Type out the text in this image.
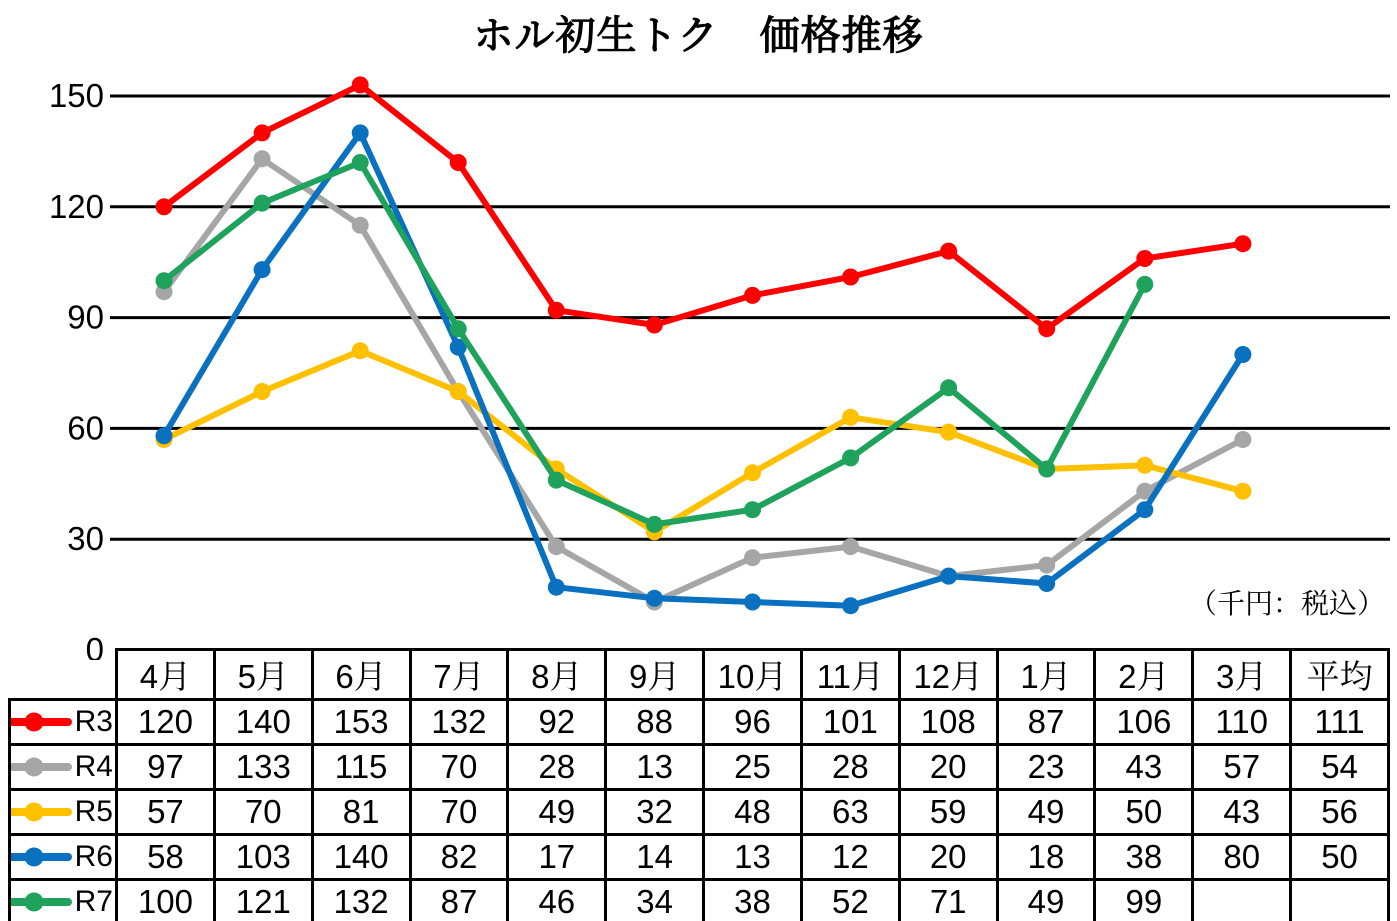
ホル初生トク　価格推移
0
30
60
90
120
150
（千円：税込）
	4月	5月	6月	7月	8月	9月	10月	11月	12月	1月	2月	3月	平均

R3	120	140	153	132	92	88	96	101	108	87	106	110	111

R4	97	133	115	70	28	13	25	28	20	23	43	57	54

R5	57	70	81	70	49	32	48	63	59	49	50	43	56

R6	58	103	140	82	17	14	13	12	20	18	38	80	50

R7	100	121	132	87	46	34	38	52	71	49	99		
